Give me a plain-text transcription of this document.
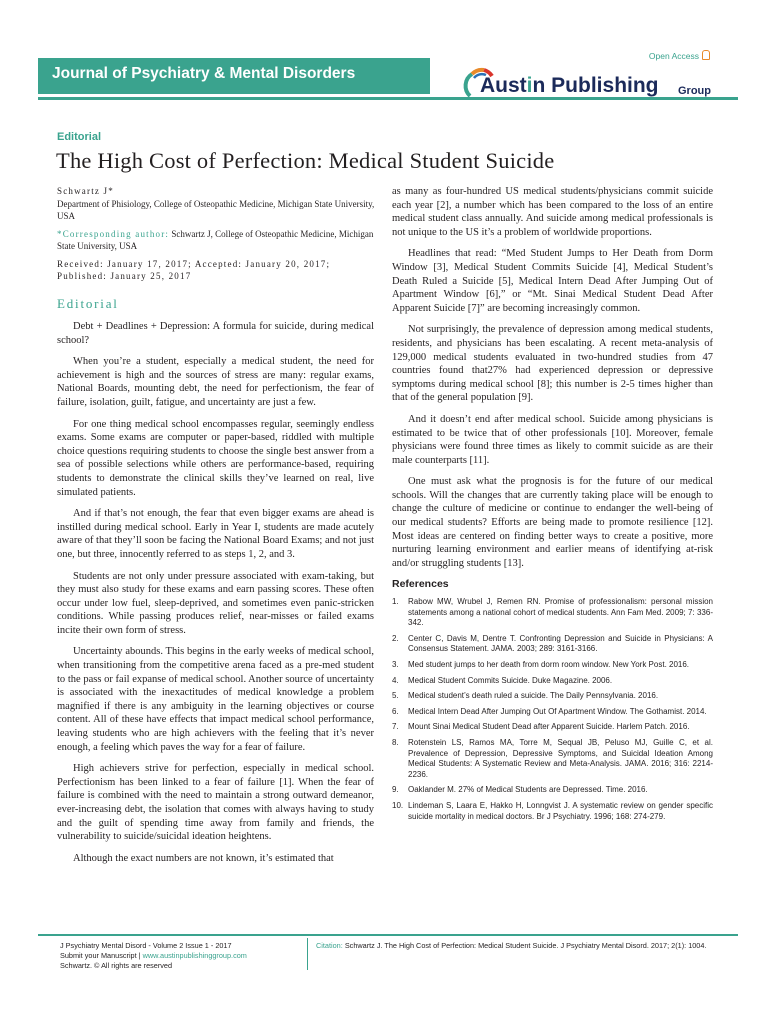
Open Access
Journal of Psychiatry & Mental Disorders
Austin Publishing Group
Editorial
The High Cost of Perfection: Medical Student Suicide

Schwartz J*
Department of Phisiology, College of Osteopathic Medicine, Michigan State University, USA

*Corresponding author: Schwartz J, College of Osteopathic Medicine, Michigan State University, USA

Received: January 17, 2017; Accepted: January 20, 2017; Published: January 25, 2017

Editorial

Debt + Deadlines + Depression: A formula for suicide, during medical school?

When you’re a student, especially a medical student, the need for achievement is high and the sources of stress are many: regular exams, National Boards, mounting debt, the need for perfectionism, the fear of failure, isolation, guilt, fatigue, and uncertainty are just a few.

For one thing medical school encompasses regular, seemingly endless exams. Some exams are computer or paper-based, riddled with multiple choice questions requiring students to choose the single best answer from a sea of possible selections while others are performance-based, requiring students to demonstrate the clinical skills they’ve learned on real, live simulated patients.

And if that’s not enough, the fear that even bigger exams are ahead is instilled during medical school. Early in Year I, students are made acutely aware of that they’ll soon be facing the National Board Exams; and not just one, but three, innocently referred to as steps 1, 2, and 3.

Students are not only under pressure associated with exam-taking, but they must also study for these exams and earn passing scores. These often occur under low fuel, sleep-deprived, and sometimes even panic-stricken conditions. While passing produces relief, near-misses or failed exams incite their own form of stress.

Uncertainty abounds. This begins in the early weeks of medical school, when transitioning from the competitive arena faced as a pre-med student to the pass or fail expanse of medical school. Another source of uncertainty is associated with the inexactitudes of medical knowledge a problem magnified if there is any ambiguity in the learning objectives or course content. All of these have effects that impact medical school performance, leaving students who are high achievers with the feeling that it’s never enough, a feeling which paves the way for a fear of failure.

High achievers strive for perfection, especially in medical school. Perfectionism has been linked to a fear of failure [1]. When the fear of failure is combined with the need to maintain a strong outward demeanor, ever-increasing debt, the isolation that comes with always having to study and the guilt of spending time away from family and friends, the vulnerability to suicide/suicidal ideation heightens.

Although the exact numbers are not known, it’s estimated that

as many as four-hundred US medical students/physicians commit suicide each year [2], a number which has been compared to the loss of an entire medical student class annually. And suicide among medical professionals is not unique to the US it’s a problem of worldwide proportions.

Headlines that read: “Med Student Jumps to Her Death from Dorm Window [3], Medical Student Commits Suicide [4], Medical Student’s Death Ruled a Suicide [5], Medical Intern Dead After Jumping Out of Apartment Window [6],” or “Mt. Sinai Medical Student Dead After Apparent Suicide [7]” are becoming increasingly common.

Not surprisingly, the prevalence of depression among medical students, residents, and physicians has been escalating. A recent meta-analysis of 129,000 medical students evaluated in two-hundred studies from 47 countries found that27% had experienced depression or depressive symptoms during medical school [8]; this number is 2-5 times higher than that of the general population [9].

And it doesn’t end after medical school. Suicide among physicians is estimated to be twice that of other professionals [10]. Moreover, female physicians were found three times as likely to commit suicide as are their male counterparts [11].

One must ask what the prognosis is for the future of our medical schools. Will the changes that are currently taking place will be enough to change the culture of medicine or continue to endanger the well-being of our medical students? Efforts are being made to promote resilience [12]. Most ideas are centered on finding better ways to create a positive, more nurturing learning environment and earlier means of identifying at-risk and/or struggling students [13].

References
1.	Rabow MW, Wrubel J, Remen RN. Promise of professionalism: personal mission statements among a national cohort of medical students. Ann Fam Med. 2009; 7: 336-342.
2.	Center C, Davis M, Dentre T. Confronting Depression and Suicide in Physicians: A Consensus Statement. JAMA. 2003; 289: 3161-3166.
3.	Med student jumps to her death from dorm room window. New York Post. 2016.
4.	Medical Student Commits Suicide. Duke Magazine. 2006.
5.	Medical student’s death ruled a suicide. The Daily Pennsylvania. 2016.
6.	Medical Intern Dead After Jumping Out Of Apartment Window. The Gothamist. 2014.
7.	Mount Sinai Medical Student Dead after Apparent Suicide. Harlem Patch. 2016.
8.	Rotenstein LS, Ramos MA, Torre M, Sequal JB, Peluso MJ, Guille C, et al. Prevalence of Depression, Depressive Symptoms, and Suicidal Ideation Among Medical Students: A Systematic Review and Meta-Analysis. JAMA. 2016; 316: 2214-2236.
9.	Oaklander M. 27% of Medical Students are Depressed. Time. 2016.
10. Lindeman S, Laara E, Hakko H, Lonngvist J. A systematic review on gender specific suicide mortality in medical doctors. Br J Psychiatry. 1996; 168: 274-279.
J Psychiatry Mental Disord - Volume 2 Issue 1 - 2017
Submit your Manuscript | www.austinpublishinggroup.com
Schwartz. © All rights are reserved
Citation: Schwartz J. The High Cost of Perfection: Medical Student Suicide. J Psychiatry Mental Disord. 2017; 2(1): 1004.
